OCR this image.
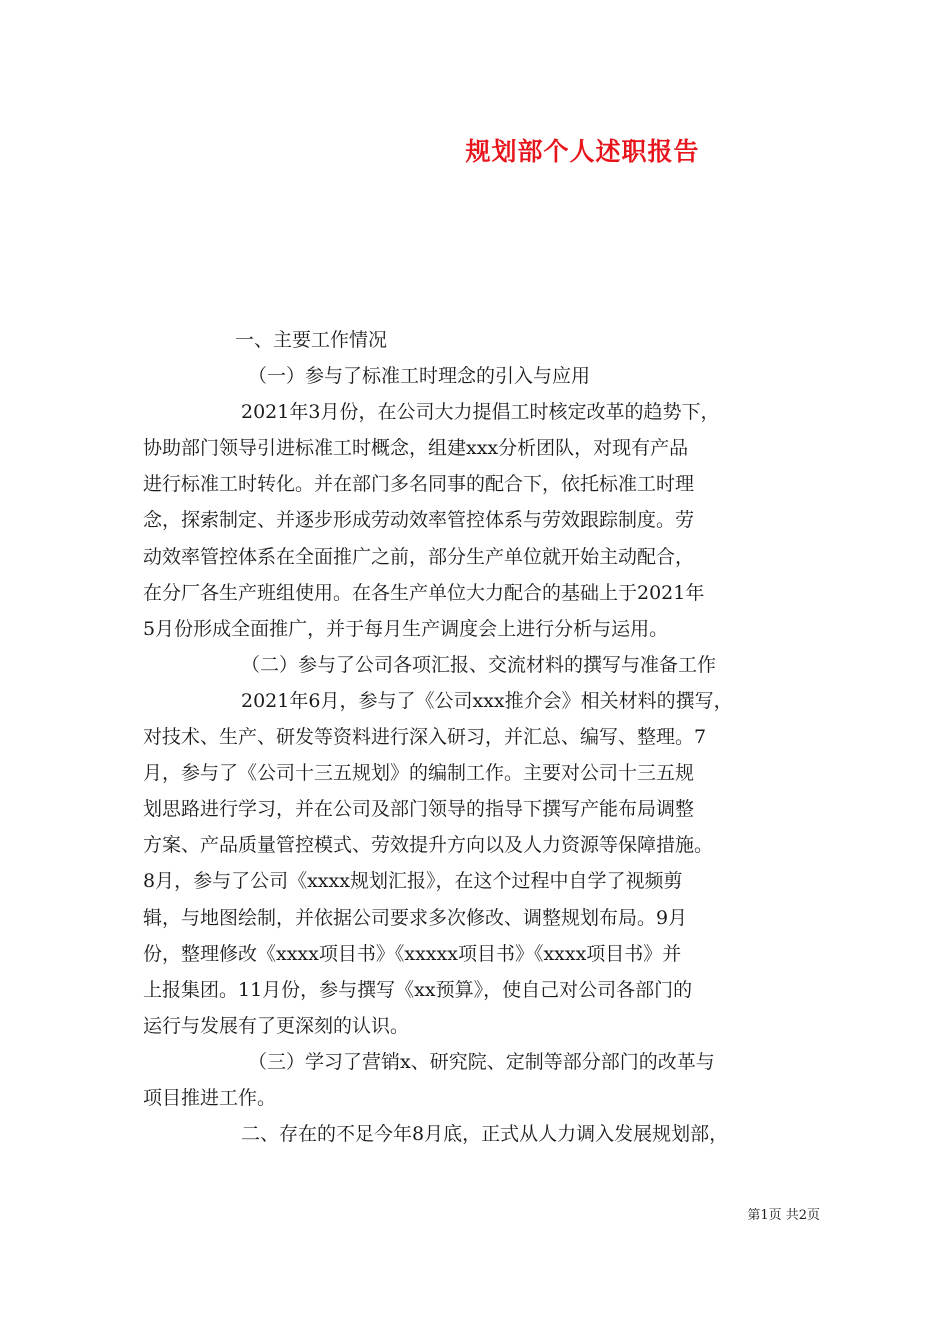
规划部个人述职报告
一、主要工作情况
（一）参与了标准工时理念的引入与应用
2021年3月份，在公司大力提倡工时核定改革的趋势下，
协助部门领导引进标准工时概念，组建xxx分析团队，对现有产品
进行标准工时转化。并在部门多名同事的配合下，依托标准工时理
念，探索制定、并逐步形成劳动效率管控体系与劳效跟踪制度。劳
动效率管控体系在全面推广之前，部分生产单位就开始主动配合，
在分厂各生产班组使用。在各生产单位大力配合的基础上于2021年
5月份形成全面推广，并于每月生产调度会上进行分析与运用。
（二）参与了公司各项汇报、交流材料的撰写与准备工作
2021年6月，参与了《公司xxx推介会》相关材料的撰写，
对技术、生产、研发等资料进行深入研习，并汇总、编写、整理。7
月，参与了《公司十三五规划》的编制工作。主要对公司十三五规
划思路进行学习，并在公司及部门领导的指导下撰写产能布局调整
方案、产品质量管控模式、劳效提升方向以及人力资源等保障措施。
8月，参与了公司《xxxx规划汇报》，在这个过程中自学了视频剪
辑，与地图绘制，并依据公司要求多次修改、调整规划布局。9月
份，整理修改《xxxx项目书》《xxxxx项目书》《xxxx项目书》并
上报集团。11月份，参与撰写《xx预算》，使自己对公司各部门的
运行与发展有了更深刻的认识。
（三）学习了营销x、研究院、定制等部分部门的改革与
项目推进工作。
二、存在的不足今年8月底，正式从人力调入发展规划部，
第1页 共2页
